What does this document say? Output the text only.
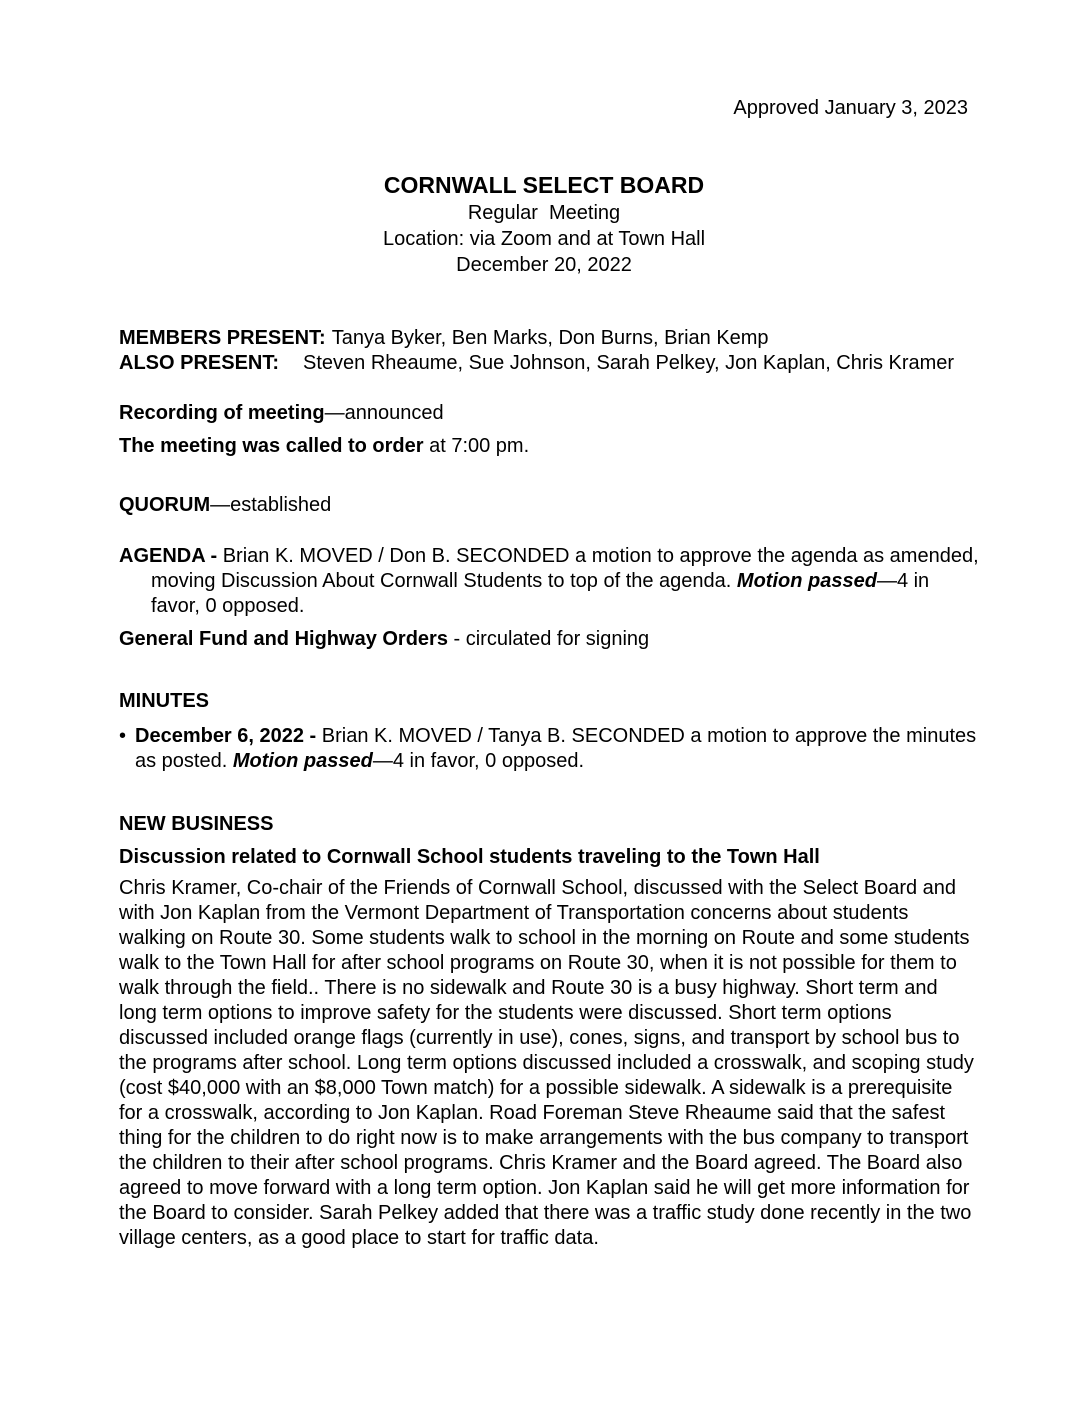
Approved January 3, 2023
CORNWALL SELECT BOARD
Regular  Meeting
Location: via Zoom and at Town Hall
December 20, 2022
MEMBERS PRESENT: Tanya Byker, Ben Marks, Don Burns, Brian Kemp
ALSO PRESENT:	Steven Rheaume, Sue Johnson, Sarah Pelkey, Jon Kaplan, Chris Kramer

Recording of meeting—announced

The meeting was called to order at 7:00 pm.

QUORUM—established

AGENDA - Brian K. MOVED / Don B. SECONDED a motion to approve the agenda as amended, moving Discussion About Cornwall Students to top of the agenda. Motion passed—4 in favor, 0 opposed.

General Fund and Highway Orders - circulated for signing

MINUTES

• December 6, 2022 - Brian K. MOVED / Tanya B. SECONDED a motion to approve the minutes as posted. Motion passed—4 in favor, 0 opposed.

NEW BUSINESS

Discussion related to Cornwall School students traveling to the Town Hall

Chris Kramer, Co-chair of the Friends of Cornwall School, discussed with the Select Board and with Jon Kaplan from the Vermont Department of Transportation concerns about students walking on Route 30. Some students walk to school in the morning on Route and some students walk to the Town Hall for after school programs on Route 30, when it is not possible for them to walk through the field.. There is no sidewalk and Route 30 is a busy highway. Short term and long term options to improve safety for the students were discussed. Short term options discussed included orange flags (currently in use), cones, signs, and transport by school bus to the programs after school. Long term options discussed included a crosswalk, and scoping study (cost $40,000 with an $8,000 Town match) for a possible sidewalk. A sidewalk is a prerequisite for a crosswalk, according to Jon Kaplan. Road Foreman Steve Rheaume said that the safest thing for the children to do right now is to make arrangements with the bus company to transport the children to their after school programs. Chris Kramer and the Board agreed. The Board also agreed to move forward with a long term option. Jon Kaplan said he will get more information for the Board to consider. Sarah Pelkey added that there was a traffic study done recently in the two village centers, as a good place to start for traffic data.
